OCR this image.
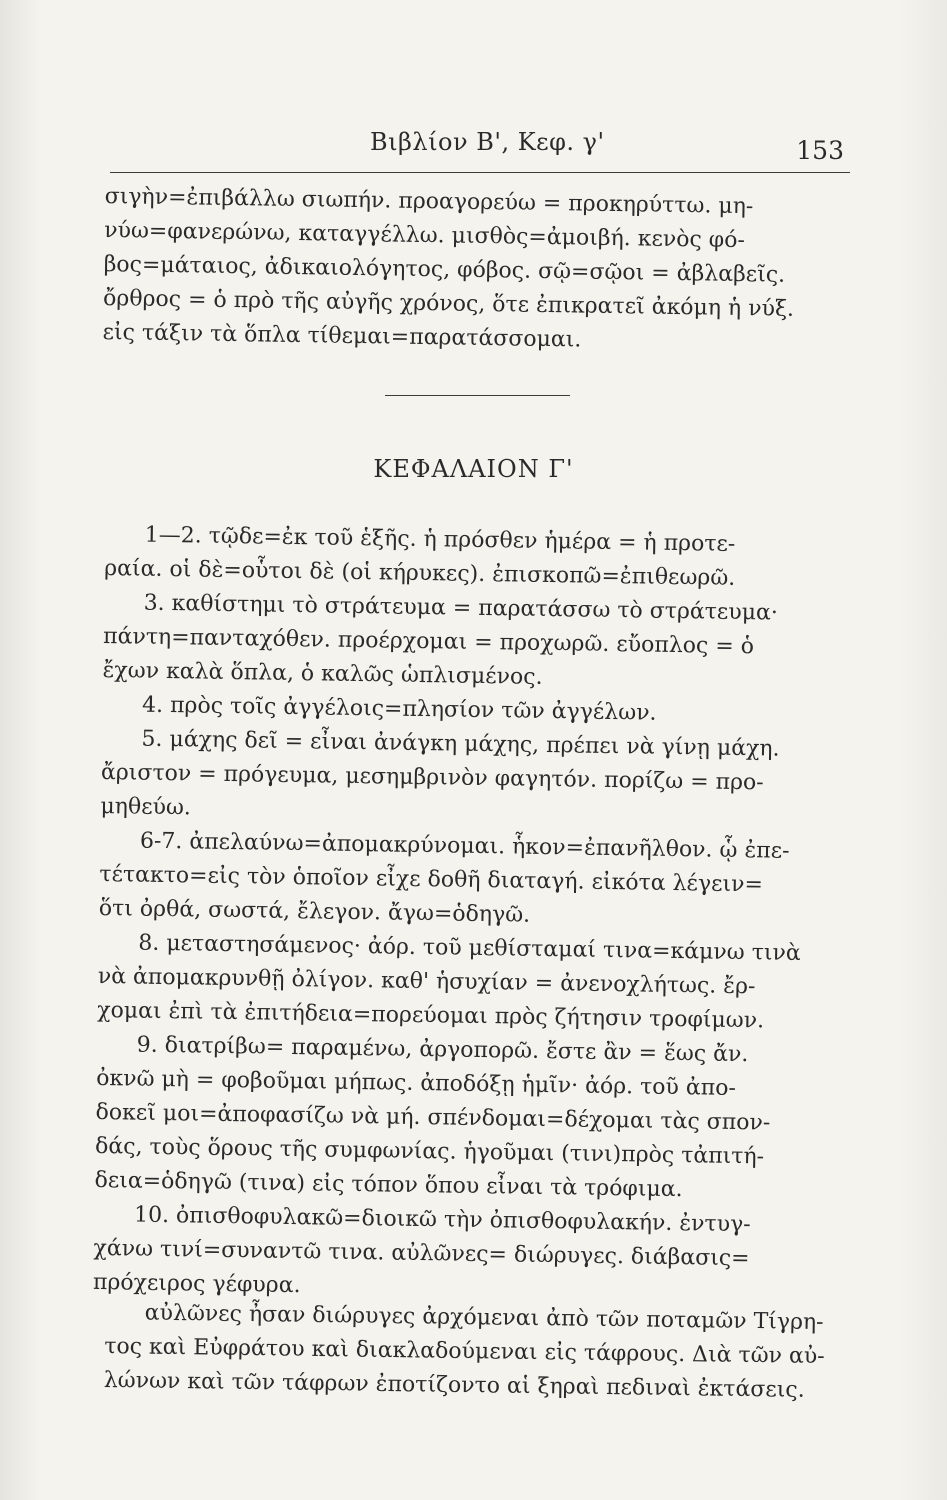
Βιβλίον Β', Κεφ. γ'	153
σιγὴν=ἐπιβάλλω σιωπήν. προαγορεύω = προκηρύττω. μη-
νύω=φανερώνω, καταγγέλλω. μισθὸς=ἀμοιβή. κενὸς φό-
βος=μάταιος, ἀδικαιολόγητος, φόβος. σῷ=σῷοι = ἀβλαβεῖς.
ὄρθρος = ὁ πρὸ τῆς αὐγῆς χρόνος, ὅτε ἐπικρατεῖ ἀκόμη ἡ νύξ.
εἰς τάξιν τὰ ὅπλα τίθεμαι=παρατάσσομαι.
ΚΕΦΑΛΑΙΟΝ Γ'
1—2. τῷδε=ἐκ τοῦ ἑξῆς. ἡ πρόσθεν ἡμέρα = ἡ προτε-
ραία. οἱ δὲ=οὗτοι δὲ (οἱ κήρυκες). ἐπισκοπῶ=ἐπιθεωρῶ.
3. καθίστημι τὸ στράτευμα = παρατάσσω τὸ στράτευμα·
πάντη=πανταχόθεν. προέρχομαι = προχωρῶ. εὔοπλος = ὁ
ἔχων καλὰ ὅπλα, ὁ καλῶς ὡπλισμένος.
4. πρὸς τοῖς ἀγγέλοις=πλησίον τῶν ἀγγέλων.
5. μάχης δεῖ = εἶναι ἀνάγκη μάχης, πρέπει νὰ γίνῃ μάχη.
ἄριστον = πρόγευμα, μεσημβρινὸν φαγητόν. πορίζω = προ-
μηθεύω.
6-7. ἀπελαύνω=ἀπομακρύνομαι. ἧκον=ἐπανῆλθον. ᾧ ἐπε-
τέτακτο=εἰς τὸν ὁποῖον εἶχε δοθῆ διαταγή. εἰκότα λέγειν=
ὅτι ὀρθά, σωστά, ἔλεγον. ἄγω=ὁδηγῶ.
8. μεταστησάμενος· ἀόρ. τοῦ μεθίσταμαί τινα=κάμνω τινὰ
νὰ ἀπομακρυνθῇ ὀλίγον. καθ' ἡσυχίαν = ἀνενοχλήτως. ἔρ-
χομαι ἐπὶ τὰ ἐπιτήδεια=πορεύομαι πρὸς ζήτησιν τροφίμων.
9. διατρίβω= παραμένω, ἀργοπορῶ. ἔστε ἂν = ἕως ἄν.
ὀκνῶ μὴ = φοβοῦμαι μήπως. ἀποδόξῃ ἡμῖν· ἀόρ. τοῦ ἀπο-
δοκεῖ μοι=ἀποφασίζω νὰ μή. σπένδομαι=δέχομαι τὰς σπον-
δάς, τοὺς ὅρους τῆς συμφωνίας. ἡγοῦμαι (τινι)πρὸς τἀπιτή-
δεια=ὁδηγῶ (τινα) εἰς τόπον ὅπου εἶναι τὰ τρόφιμα.
10. ὀπισθοφυλακῶ=διοικῶ τὴν ὀπισθοφυλακήν. ἐντυγ-
χάνω τινί=συναντῶ τινα. αὐλῶνες= διώρυγες. διάβασις=
πρόχειρος γέφυρα.
αὐλῶνες ἦσαν διώρυγες ἀρχόμεναι ἀπὸ τῶν ποταμῶν Τίγρη-
τος καὶ Εὐφράτου καὶ διακλαδούμεναι εἰς τάφρους. Διὰ τῶν αὐ-
λώνων καὶ τῶν τάφρων ἐποτίζοντο αἱ ξηραὶ πεδιναὶ ἐκτάσεις.
